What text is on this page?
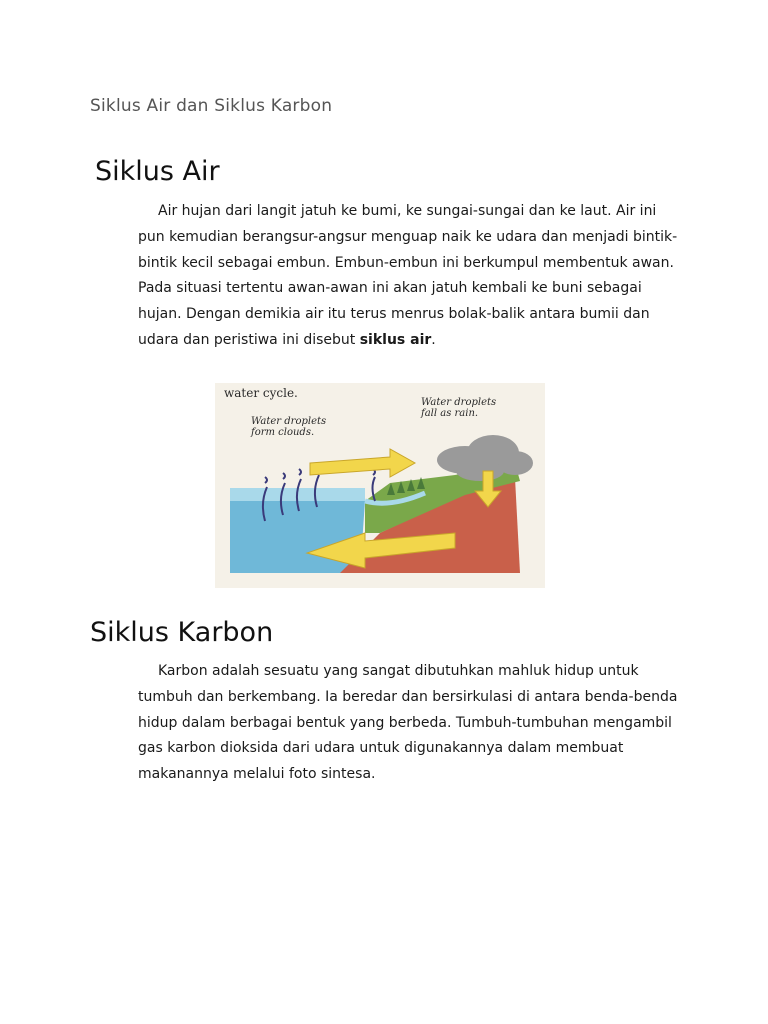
Siklus Air dan Siklus Karbon
Siklus Air

Air hujan dari langit jatuh ke bumi, ke sungai-sungai dan ke laut. Air ini pun kemudian berangsur-angsur menguap naik ke udara dan menjadi bintik-bintik kecil sebagai embun. Embun-embun ini berkumpul membentuk awan. Pada situasi tertentu awan-awan ini akan jatuh kembali ke buni sebagai hujan. Dengan demikia air itu terus menrus bolak-balik antara bumii dan udara dan peristiwa ini disebut siklus air.

water cycle.
Water droplets form clouds.
Water droplets fall as rain.
Siklus Karbon

Karbon adalah sesuatu yang sangat dibutuhkan mahluk hidup untuk tumbuh dan berkembang. Ia beredar dan bersirkulasi di antara benda-benda hidup dalam berbagai bentuk yang berbeda. Tumbuh-tumbuhan mengambil gas karbon dioksida dari udara untuk digunakannya dalam membuat makanannya melalui foto sintesa.
